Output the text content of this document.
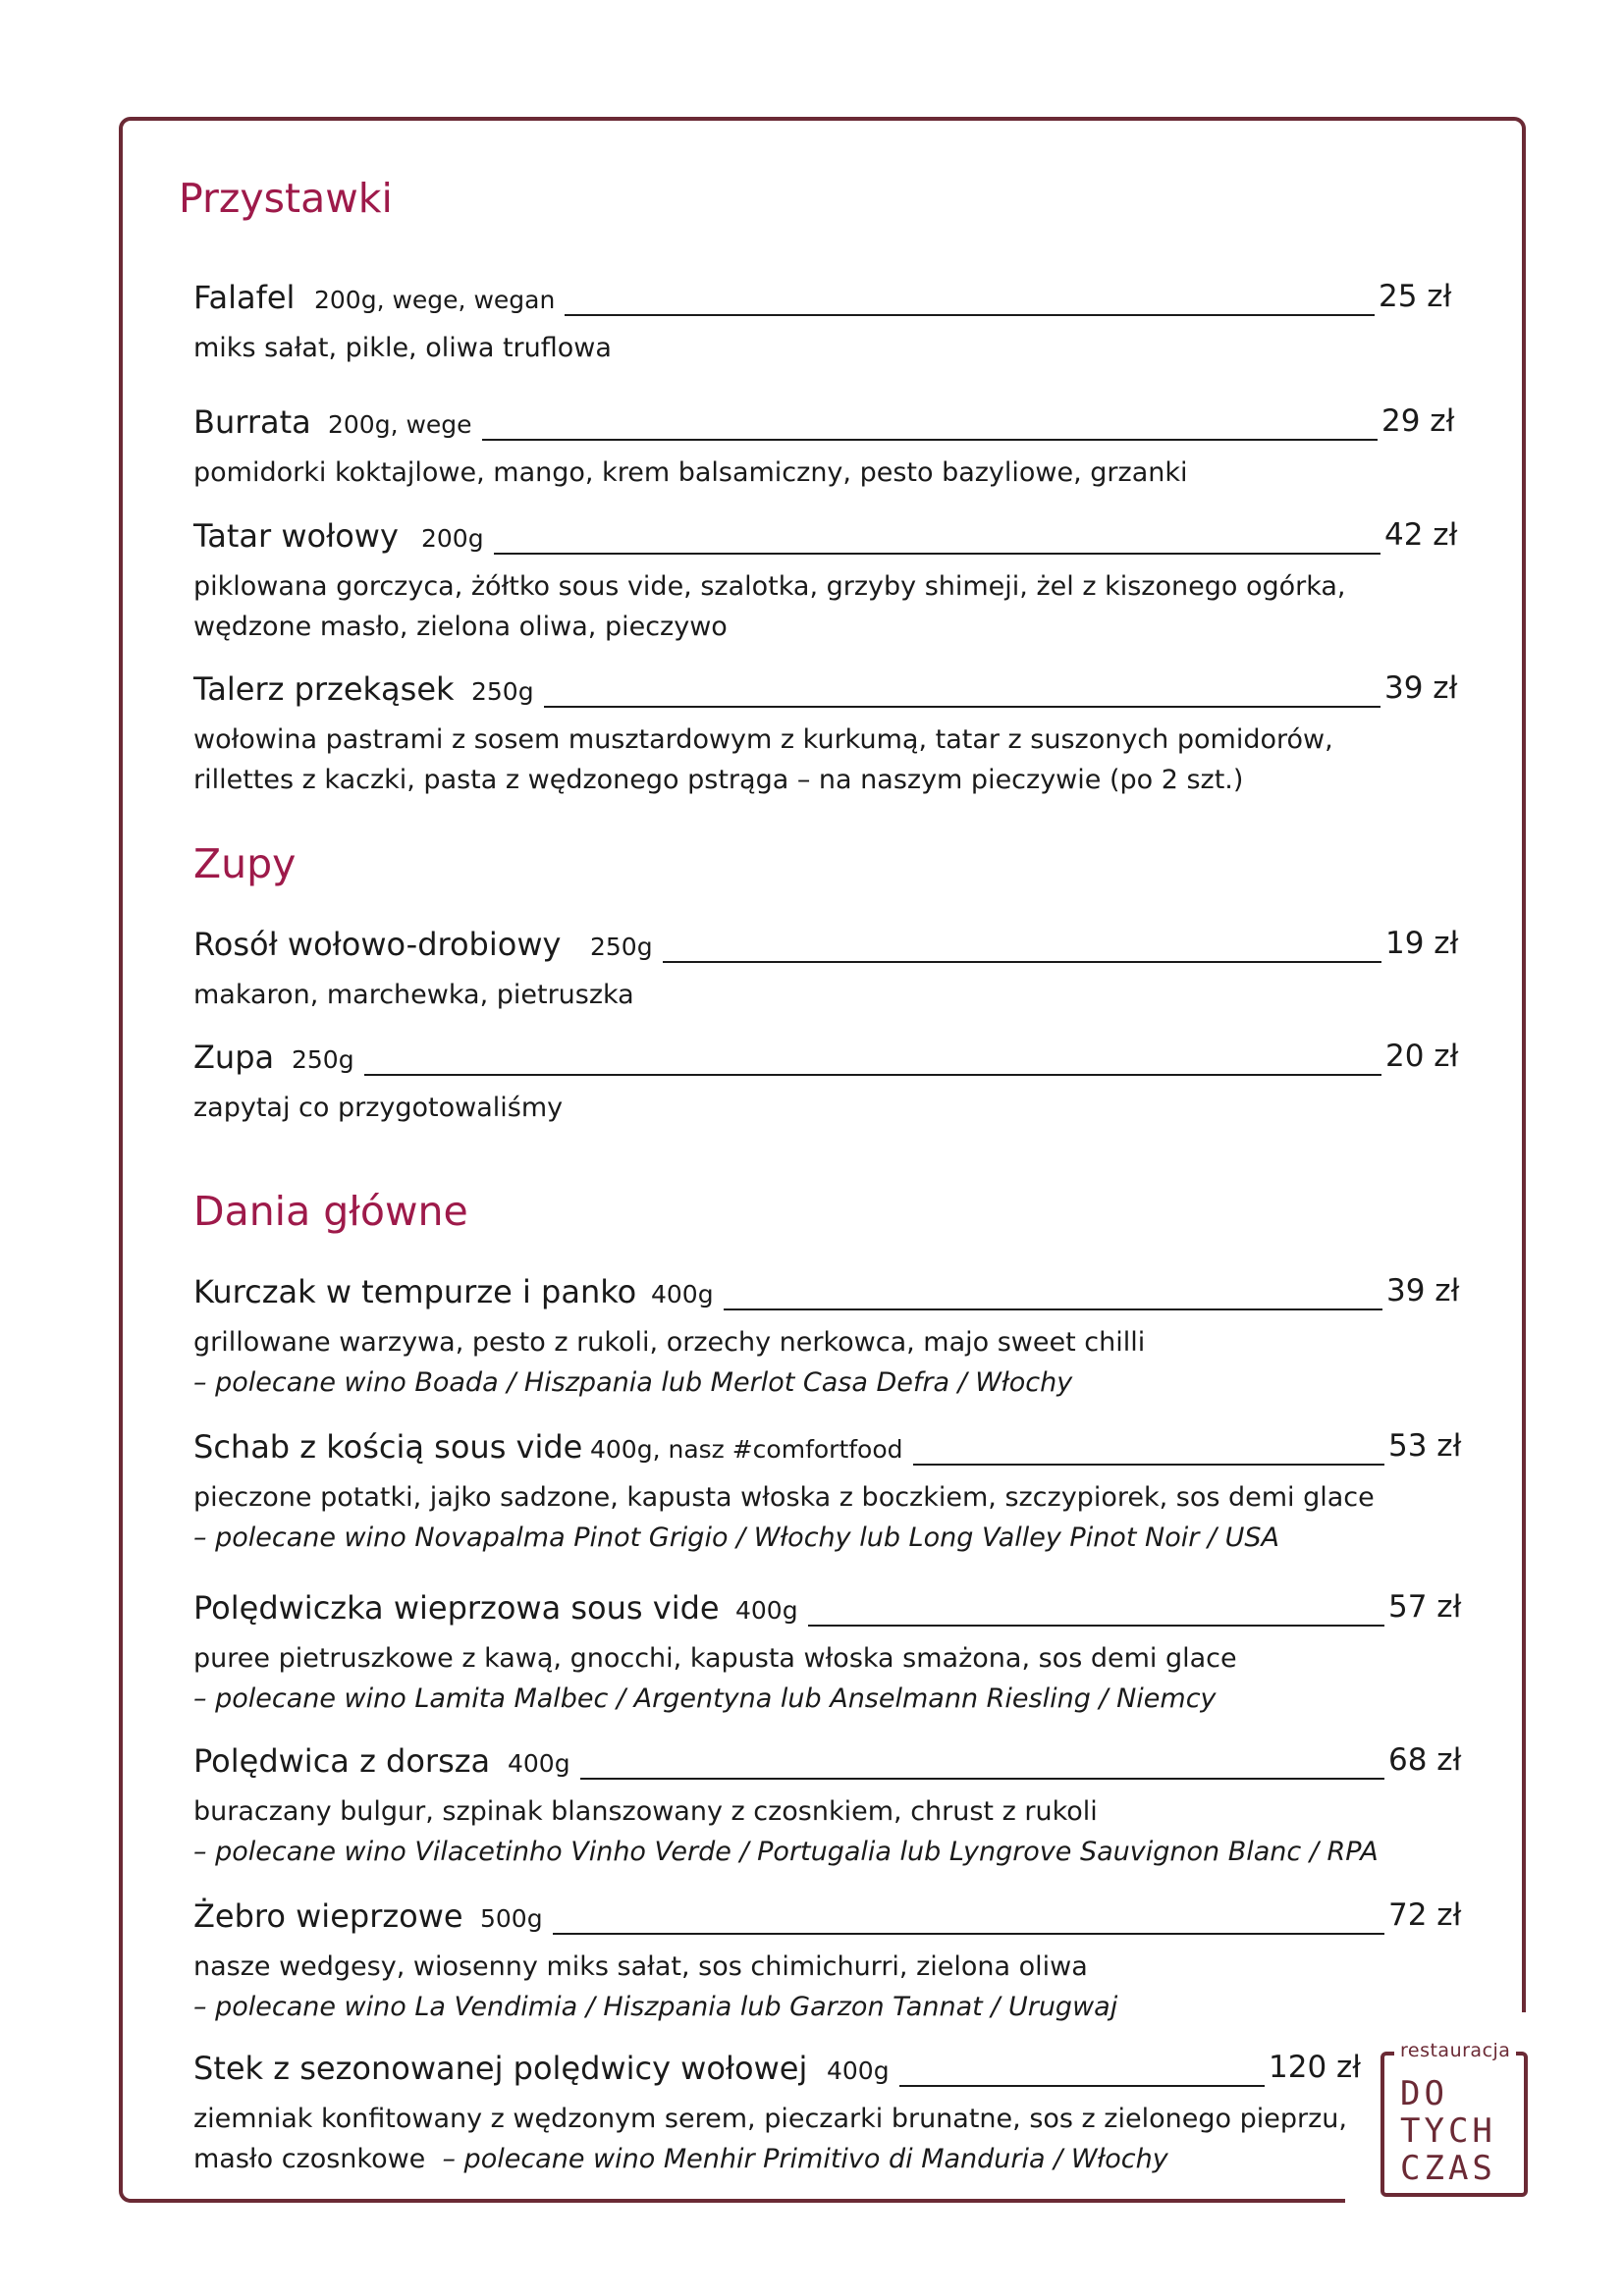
restauracja
DO
TYCH
CZAS
Przystawki
Falafel 200g, wege, wegan	25 zł
miks sałat, pikle, oliwa truflowa
Burrata 200g, wege	29 zł
pomidorki koktajlowe, mango, krem balsamiczny, pesto bazyliowe, grzanki
Tatar wołowy 200g	42 zł
piklowana gorczyca, żółtko sous vide, szalotka, grzyby shimeji, żel z kiszonego ogórka,
wędzone masło, zielona oliwa, pieczywo
Talerz przekąsek 250g	39 zł
wołowina pastrami z sosem musztardowym z kurkumą, tatar z suszonych pomidorów,
rillettes z kaczki, pasta z wędzonego pstrąga – na naszym pieczywie (po 2 szt.)
Zupy
Rosół wołowo-drobiowy 250g	19 zł
makaron, marchewka, pietruszka
Zupa 250g	20 zł
zapytaj co przygotowaliśmy
Dania główne
Kurczak w tempurze i panko 400g	39 zł
grillowane warzywa, pesto z rukoli, orzechy nerkowca, majo sweet chilli
– polecane wino Boada / Hiszpania lub Merlot Casa Defra / Włochy
Schab z kością sous vide 400g, nasz #comfortfood	53 zł
pieczone potatki, jajko sadzone, kapusta włoska z boczkiem, szczypiorek, sos demi glace
– polecane wino Novapalma Pinot Grigio / Włochy lub Long Valley Pinot Noir / USA
Polędwiczka wieprzowa sous vide 400g	57 zł
puree pietruszkowe z kawą, gnocchi, kapusta włoska smażona, sos demi glace
– polecane wino Lamita Malbec / Argentyna lub Anselmann Riesling / Niemcy
Polędwica z dorsza 400g	68 zł
buraczany bulgur, szpinak blanszowany z czosnkiem, chrust z rukoli
– polecane wino Vilacetinho Vinho Verde / Portugalia lub Lyngrove Sauvignon Blanc / RPA
Żebro wieprzowe 500g	72 zł
nasze wedgesy, wiosenny miks sałat, sos chimichurri, zielona oliwa
– polecane wino La Vendimia / Hiszpania lub Garzon Tannat / Urugwaj
Stek z sezonowanej polędwicy wołowej 400g	120 zł
ziemniak konfitowany z wędzonym serem, pieczarki brunatne, sos z zielonego pieprzu,
masło czosnkowe – polecane wino Menhir Primitivo di Manduria / Włochy
